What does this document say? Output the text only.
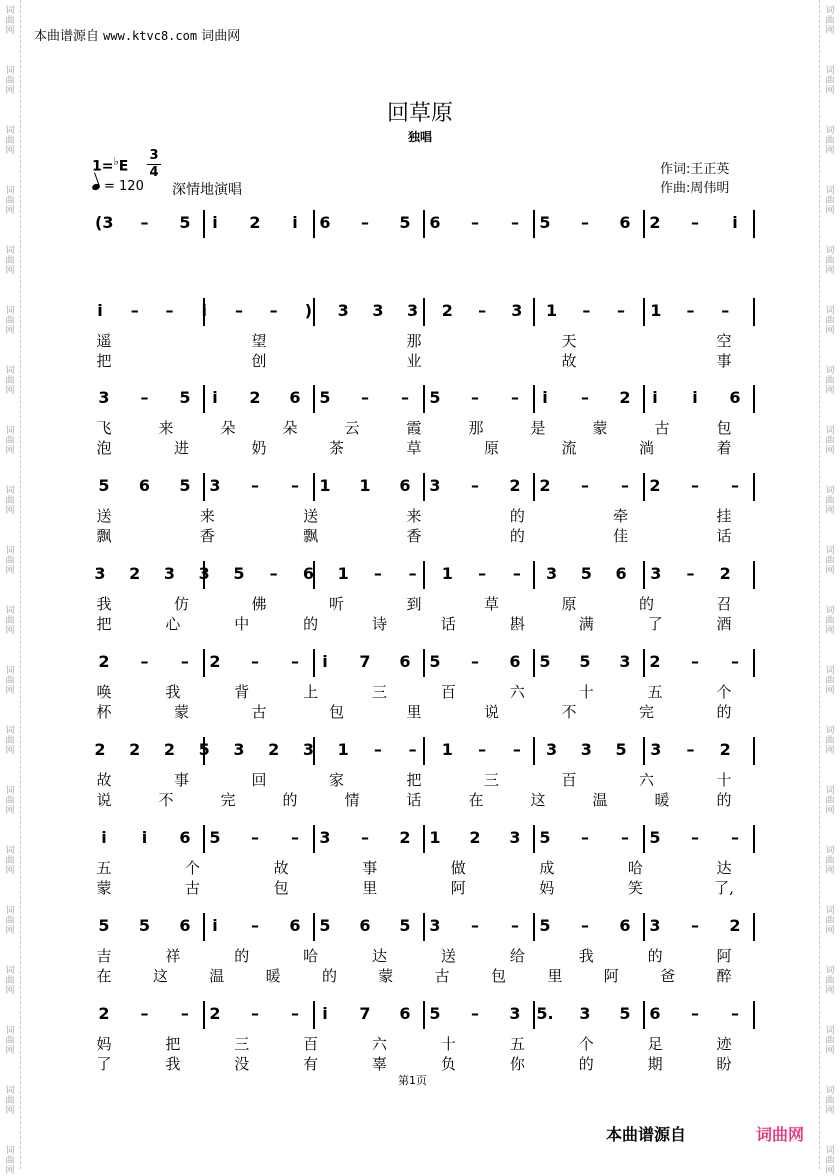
词
曲
网
词
曲
网
词
曲
网
词
曲
网
词
曲
网
词
曲
网
词
曲
网
词
曲
网
词
曲
网
词
曲
网
词
曲
网
词
曲
网
词
曲
网
词
曲
网
词
曲
网
词
曲
网
词
曲
网
词
曲
网
词
曲
网
词
曲
网
词
曲
网
词
曲
网
词
曲
网
词
曲
网
词
曲
网
词
曲
网
词
曲
网
词
曲
网
词
曲
网
词
曲
网
词
曲
网
词
曲
网
词
曲
网
词
曲
网
词
曲
网
词
曲
网
词
曲
网
词
曲
网
词
曲
网
词
曲
网
本曲谱源自 www.ktvc8.com 词曲网
回草原
独唱
1=♭E
3
4
= 120 深情地演唱
作词:王正英
作曲:周伟明
(3	–	5	i	2	i	6	–	5 6	–	–	5	–	6 2	–	i
i	–	–	i	–	–	)	3 3 3 2	–	3 1	–	–	1	–	–
遥	望	那	天	空
把	创	业	故	事
3	–	5	i	2 6 5	–	–	5	–	–	i	–	2	i	i	6
飞	来	朵	朵	云	霞	那	是	蒙	古	包
泡	进	奶	茶	草	原	流	淌	着
5 6 5 3	–	–	1 1 6 3	–	2 2	–	–	2	–	–
送	来	送	来	的	牵	挂
飘	香	飘	香	的	佳	话
3 2 3 3 5	–	6 1	–	–	1	–	–	3 5 6 3	–	2
我	仿	佛	听	到	草	原	的	召
把	心	中	的	诗	话	斟	满	了	酒
2	–	–	2	–	–	i	7 6 5	–	6 5 5 3 2	–	–
唤	我	背	上	三	百	六	十	五	个
杯	蒙	古	包	里	说	不	完	的
2 2 2 5 3 2 3 1	–	–	1	–	–	3 3 5 3	–	2
故	事	回	家	把	三	百	六	十
说	不	完	的	情	话	在	这	温	暖	的
i	i	6 5	–	–	3	–	2 1 2 3 5	–	–	5	–	–
五	个	故	事	做	成	哈	达
蒙	古	包	里	阿	妈	笑	了,
5 5 6	i	–	6 5 6 5 3	–	–	5	–	6 3	–	2
吉	祥	的	哈	达	送	给	我	的	阿
在	这	温	暖	的	蒙	古	包	里	阿	爸	醉
2	–	–	2	–	–	i	7 6 5	–	3 5. 3 5 6	–	–
妈	把	三	百	六	十	五	个	足	迹
了	我	没	有	辜	负	你	的	期	盼
第1页
本曲谱源自	词曲网
